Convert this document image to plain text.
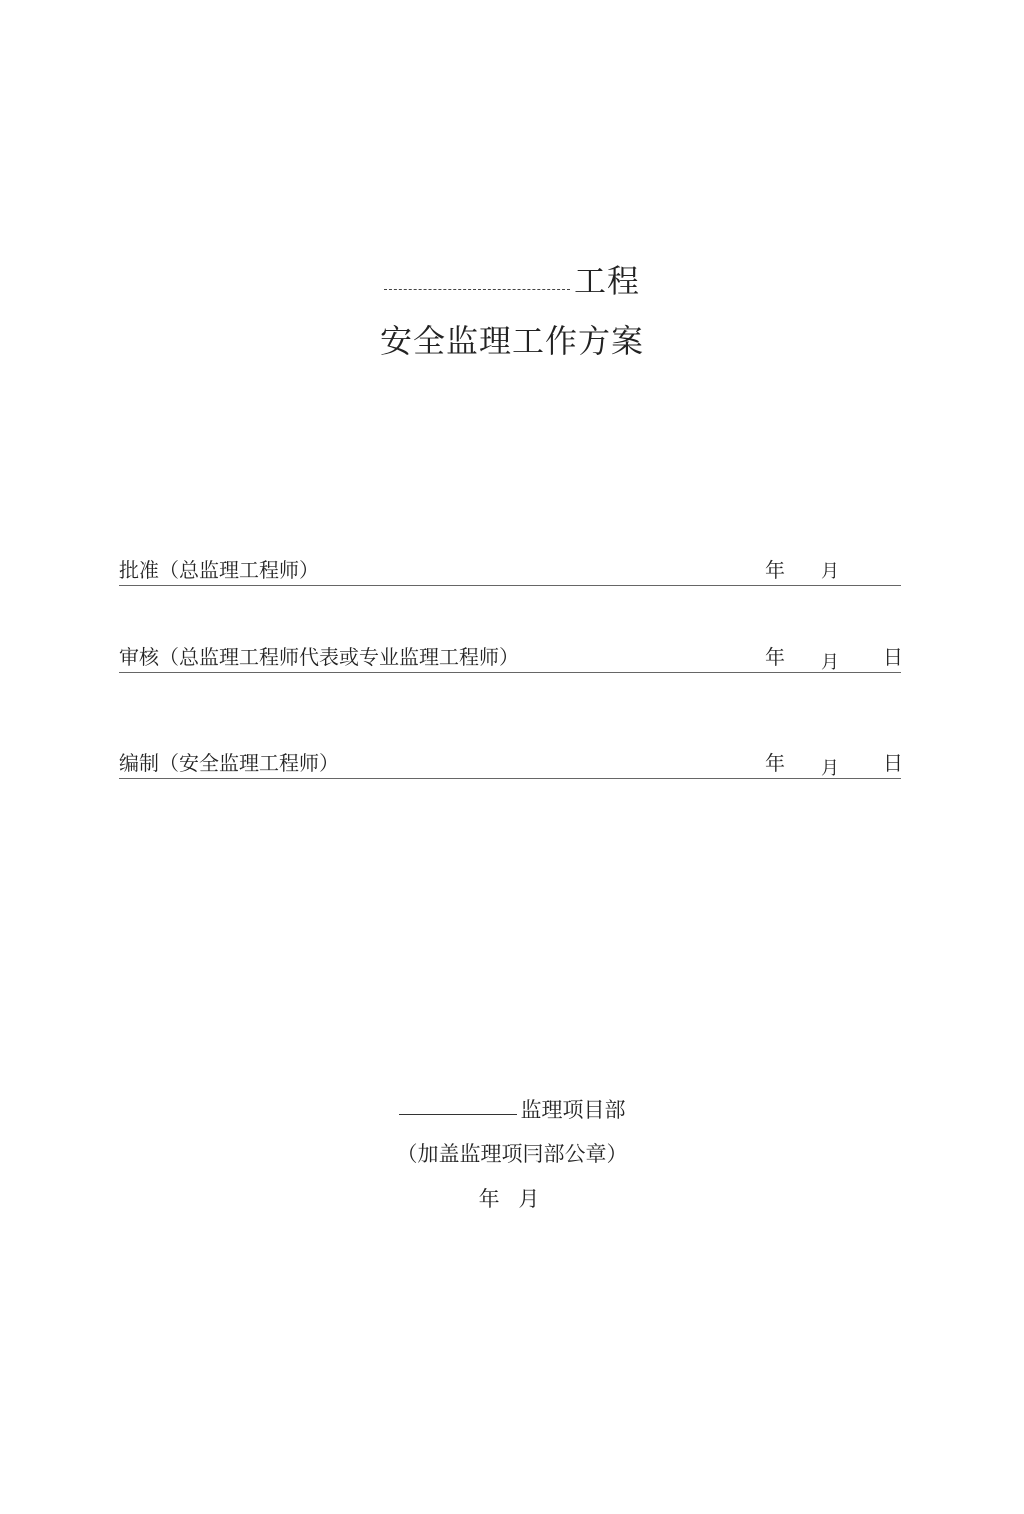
工程
安全监理工作方案
批准（总监理工程师）	年 月
审核（总监理工程师代表或专业监理工程师）	年 月 日
编制（安全监理工程师）	年 月 日
监理项目部
（加盖监理项冃部公章）
年 月
